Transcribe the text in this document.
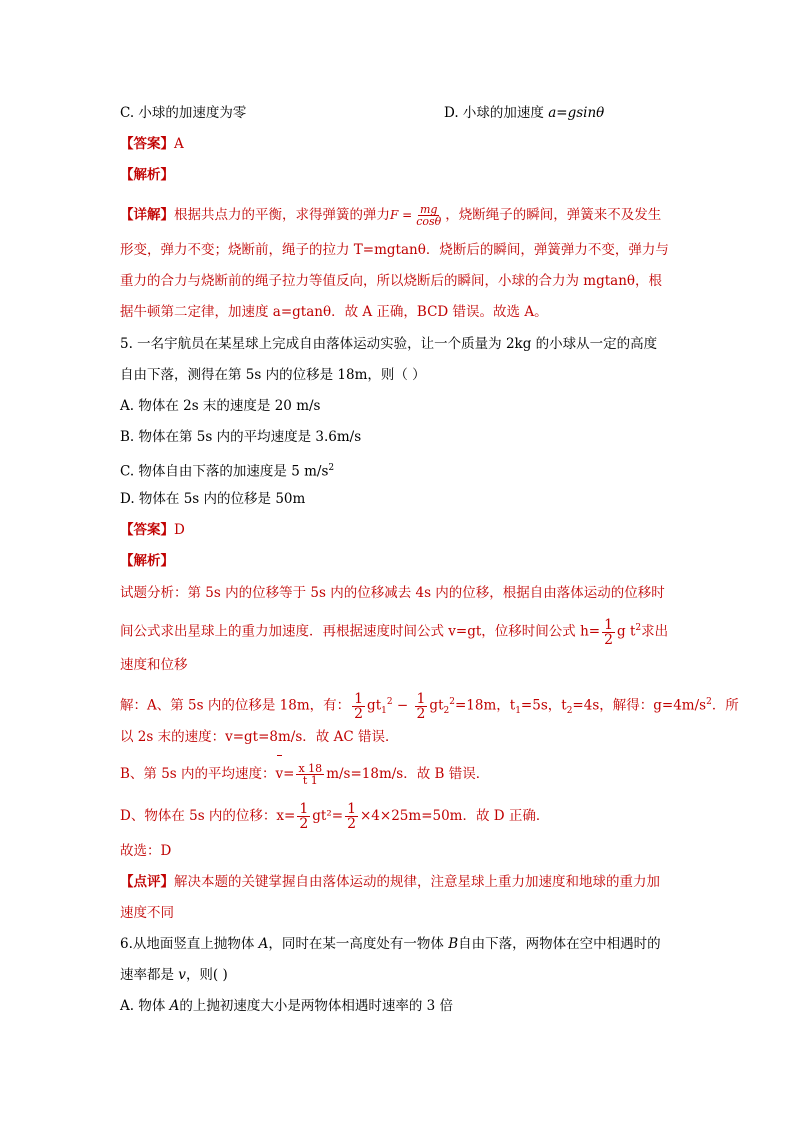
C. 小球的加速度为零	D. 小球的加速度 a=gsinθ
【答案】A
【解析】
【详解】根据共点力的平衡，求得弹簧的弹力$F = \frac{mg}{\cos\theta}$ ，烧断绳子的瞬间，弹簧来不及发生
形变，弹力不变；烧断前，绳子的拉力 T=mgtanθ．烧断后的瞬间，弹簧弹力不变，弹力与
重力的合力与烧断前的绳子拉力等值反向，所以烧断后的瞬间，小球的合力为 mgtanθ，根
据牛顿第二定律，加速度 a=gtanθ．故 A 正确，BCD 错误。故选 A。
5. 一名宇航员在某星球上完成自由落体运动实验，让一个质量为 2kg 的小球从一定的高度
自由下落，测得在第 5s 内的位移是 18m，则（ ）
A. 物体在 2s 末的速度是 20 m/s
B. 物体在第 5s 内的平均速度是 3.6m/s
C. 物体自由下落的加速度是 5 $m/s^2$
D. 物体在 5s 内的位移是 50m
【答案】D
【解析】
试题分析：第 5s 内的位移等于 5s 内的位移减去 4s 内的位移，根据自由落体运动的位移时
间公式求出星球上的重力加速度．再根据速度时间公式 v=gt，位移时间公式 $h= \frac{1}{2}$ g $t^2$求出
速度和位移
解：A、第 5s 内的位移是 18m，有： $\frac{1}{2} gt_1^2 - \frac{1}{2} gt_2^2=18m$，$t_1=5s$，$t_2=4s$，解得：$g=4m/s^2$．所
以 2s 末的速度：v=gt=8m/s．故 AC 错误．
B、第 5s 内的平均速度：$v= \frac{x 18}{t 1} m/s=18m/s$．故 B 错误．
D、物体在 5s 内的位移：$x= \frac{1}{2} gt^2= \frac{1}{2} \times 4\times 25m=50m$．故 D 正确．
故选：D
【点评】解决本题的关键掌握自由落体运动的规律，注意星球上重力加速度和地球的重力加
速度不同
6.从地面竖直上抛物体 A，同时在某一高度处有一物体 B自由下落，两物体在空中相遇时的
速率都是 v，则( )
A. 物体 A的上抛初速度大小是两物体相遇时速率的 3 倍
